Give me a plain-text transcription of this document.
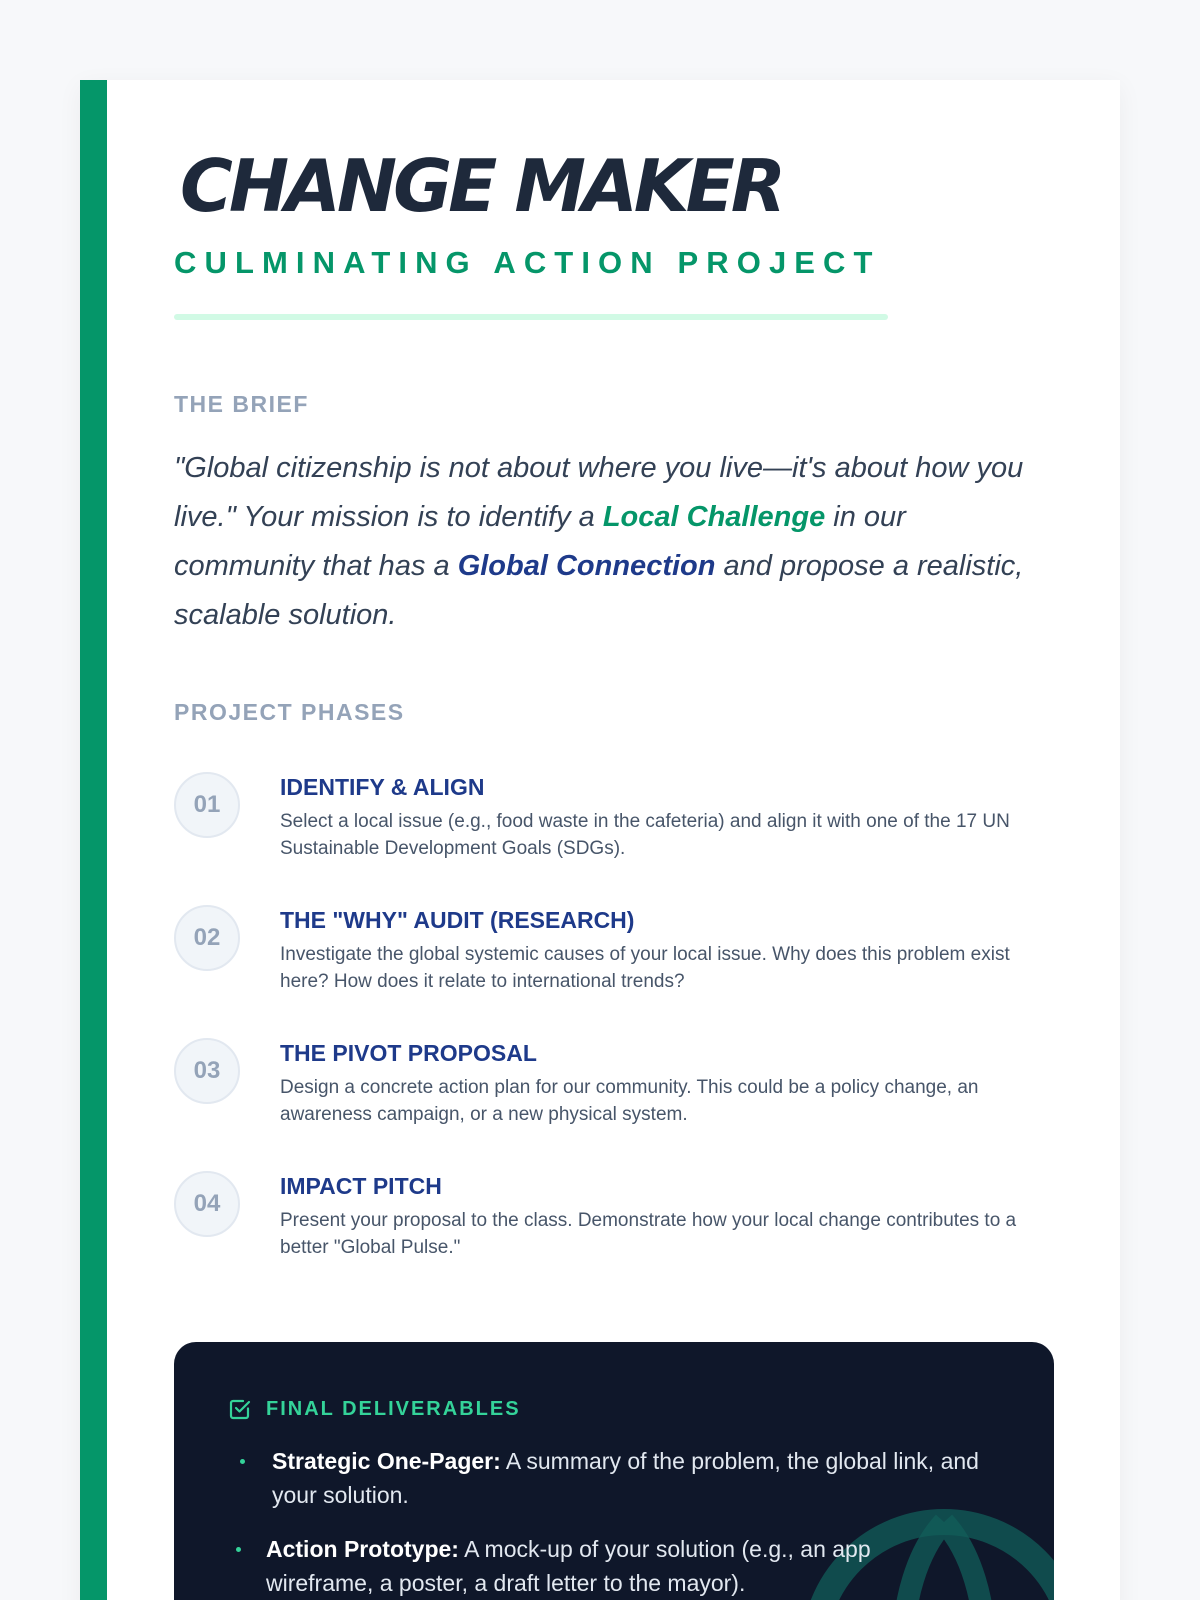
CHANGE MAKER
CULMINATING ACTION PROJECT
THE BRIEF

"Global citizenship is not about where you live—it's about how you live." Your mission is to identify a Local Challenge in our community that has a Global Connection and propose a realistic, scalable solution.

PROJECT PHASES
01
IDENTIFY & ALIGN

Select a local issue (e.g., food waste in the cafeteria) and align it with one of the 17 UN Sustainable Development Goals (SDGs).

02
THE "WHY" AUDIT (RESEARCH)

Investigate the global systemic causes of your local issue. Why does this problem exist here? How does it relate to international trends?

03
THE PIVOT PROPOSAL

Design a concrete action plan for our community. This could be a policy change, an awareness campaign, or a new physical system.

04
IMPACT PITCH

Present your proposal to the class. Demonstrate how your local change contributes to a better "Global Pulse."

FINAL DELIVERABLES
Strategic One-Pager: A summary of the problem, the global link, and your solution.
Action Prototype: A mock-up of your solution (e.g., an app wireframe, a poster, a draft letter to the mayor).
